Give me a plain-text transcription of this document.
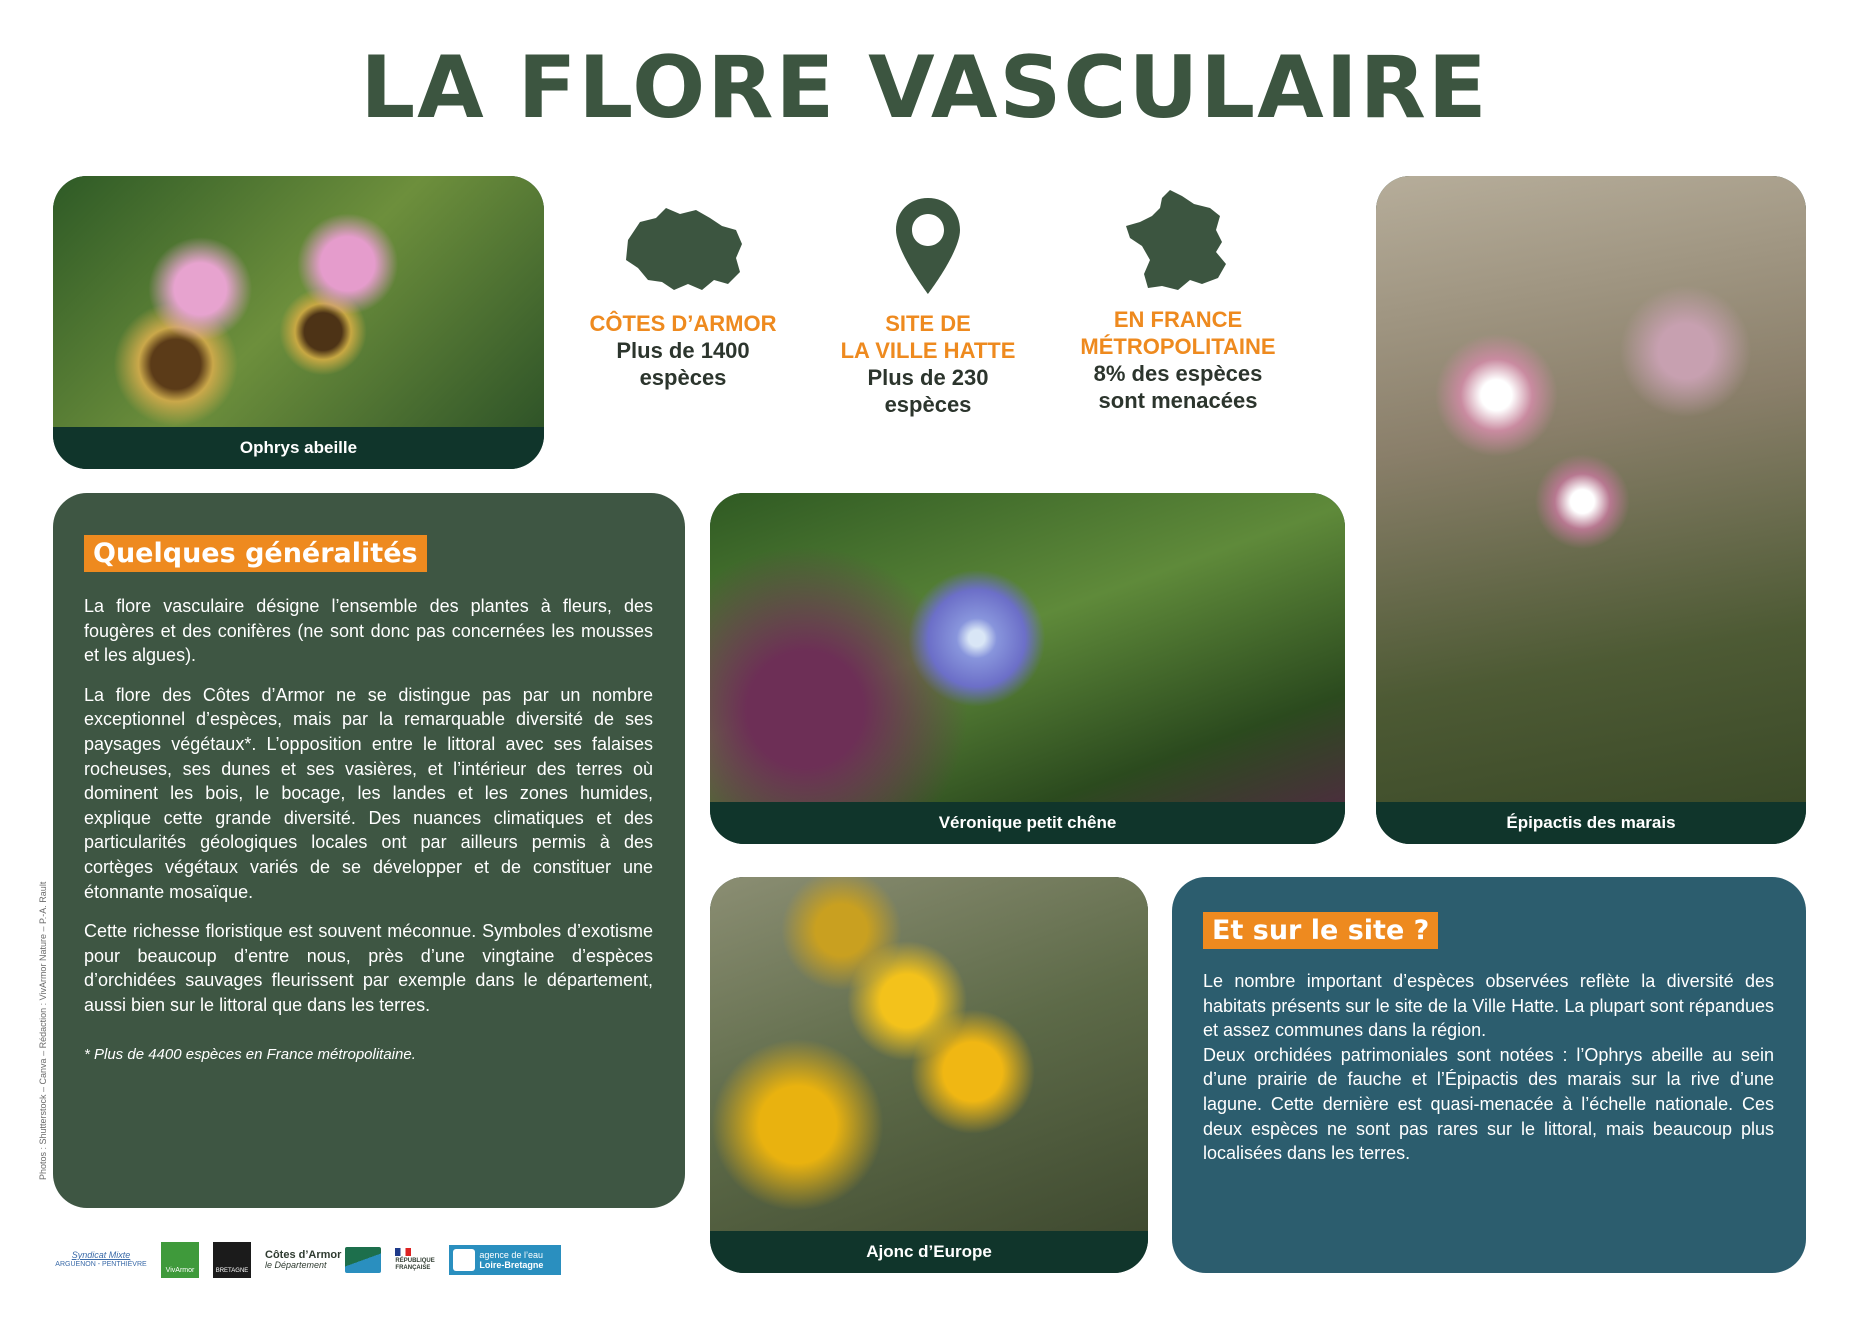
LA FLORE VASCULAIRE
Ophrys abeille
CÔTES D’ARMOR
Plus de 1400
espèces
SITE DE
LA VILLE HATTE
Plus de 230
espèces
EN FRANCE
MÉTROPOLITAINE
8% des espèces
sont menacées
Épipactis des marais
Quelques généralités

La flore vasculaire désigne l’ensemble des plantes à fleurs, des fougères et des conifères (ne sont donc pas concernées les mousses et les algues).

La flore des Côtes d’Armor ne se distingue pas par un nombre exceptionnel d’espèces, mais par la remarquable diversité de ses paysages végétaux*. L’opposition entre le littoral avec ses falaises rocheuses, ses dunes et ses vasières, et l’intérieur des terres où dominent les bois, le bocage, les landes et les zones humides, explique cette grande diversité. Des nuances climatiques et des particularités géologiques locales ont par ailleurs permis à des cortèges végétaux variés de se développer et de constituer une étonnante mosaïque.

Cette richesse floristique est souvent méconnue. Symboles d’exotisme pour beaucoup d’entre nous, près d’une vingtaine d’espèces d’orchidées sauvages fleurissent par exemple dans le département, aussi bien sur le littoral que dans les terres.

* Plus de 4400 espèces en France métropolitaine.
Véronique petit chêne
Ajonc d’Europe
Et sur le site ?

Le nombre important d’espèces observées reflète la diversité des habitats présents sur le site de la Ville Hatte. La plupart sont répandues et assez communes dans la région.

Deux orchidées patrimoniales sont notées : l’Ophrys abeille au sein d’une prairie de fauche et l’Épipactis des marais sur la rive d’une lagune. Cette dernière est quasi-menacée à l’échelle nationale. Ces deux espèces ne sont pas rares sur le littoral, mais beaucoup plus localisées dans les terres.

Photos : Shutterstock – Canva – Rédaction : VivArmor Nature – P.-A. Rault
Syndicat Mixte
ARGUENON - PENTHIÈVRE
VivArmor	BRETAGNE
Côtes d’Armor
le Département	RÉPUBLIQUE
FRANÇAISE
agence de l’eau
Loire-Bretagne
